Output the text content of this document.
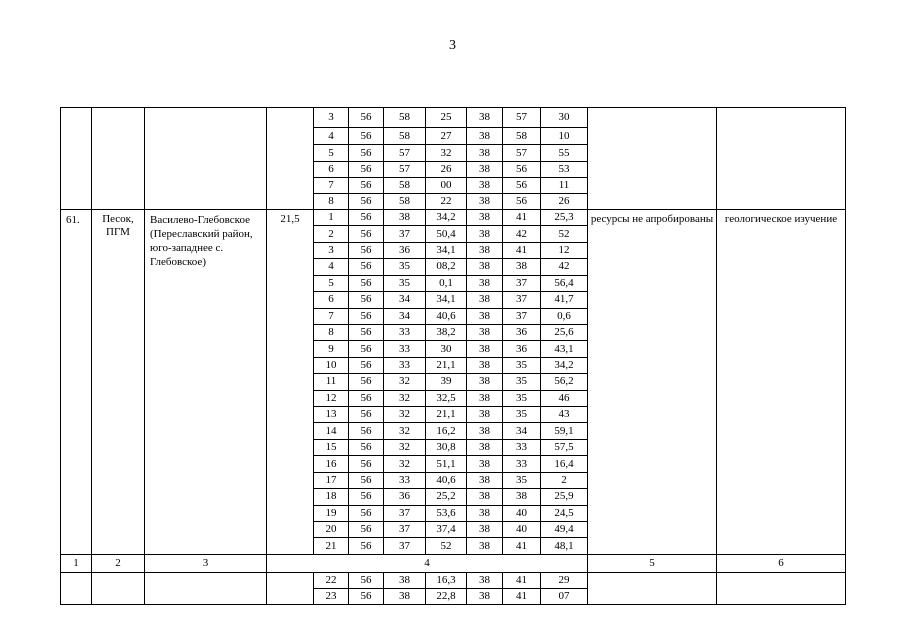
3
				3	56	58	25	38	57	30		
				4	56	58	27	38	58	10		
				5	56	57	32	38	57	55		
				6	56	57	26	38	56	53		
				7	56	58	00	38	56	11		
				8	56	58	22	38	56	26		
61.	Песок, ПГМ	Василево-Глебовское (Переславский район, юго-западнее с. Глебовское)	21,5	1	56	38	34,2	38	41	25,3	ресурсы не апробированы	геологическое изучение
				2	56	37	50,4	38	42	52		
				3	56	36	34,1	38	41	12		
				4	56	35	08,2	38	38	42		
				5	56	35	0,1	38	37	56,4		
				6	56	34	34,1	38	37	41,7		
				7	56	34	40,6	38	37	0,6		
				8	56	33	38,2	38	36	25,6		
				9	56	33	30	38	36	43,1		
				10	56	33	21,1	38	35	34,2		
				11	56	32	39	38	35	56,2		
				12	56	32	32,5	38	35	46		
				13	56	32	21,1	38	35	43		
				14	56	32	16,2	38	34	59,1		
				15	56	32	30,8	38	33	57,5		
				16	56	32	51,1	38	33	16,4		
				17	56	33	40,6	38	35	2		
				18	56	36	25,2	38	38	25,9		
				19	56	37	53,6	38	40	24,5		
				20	56	37	37,4	38	40	49,4		
				21	56	37	52	38	41	48,1		
1	2	3	4								5	6
				22	56	38	16,3	38	41	29		
				23	56	38	22,8	38	41	07		
